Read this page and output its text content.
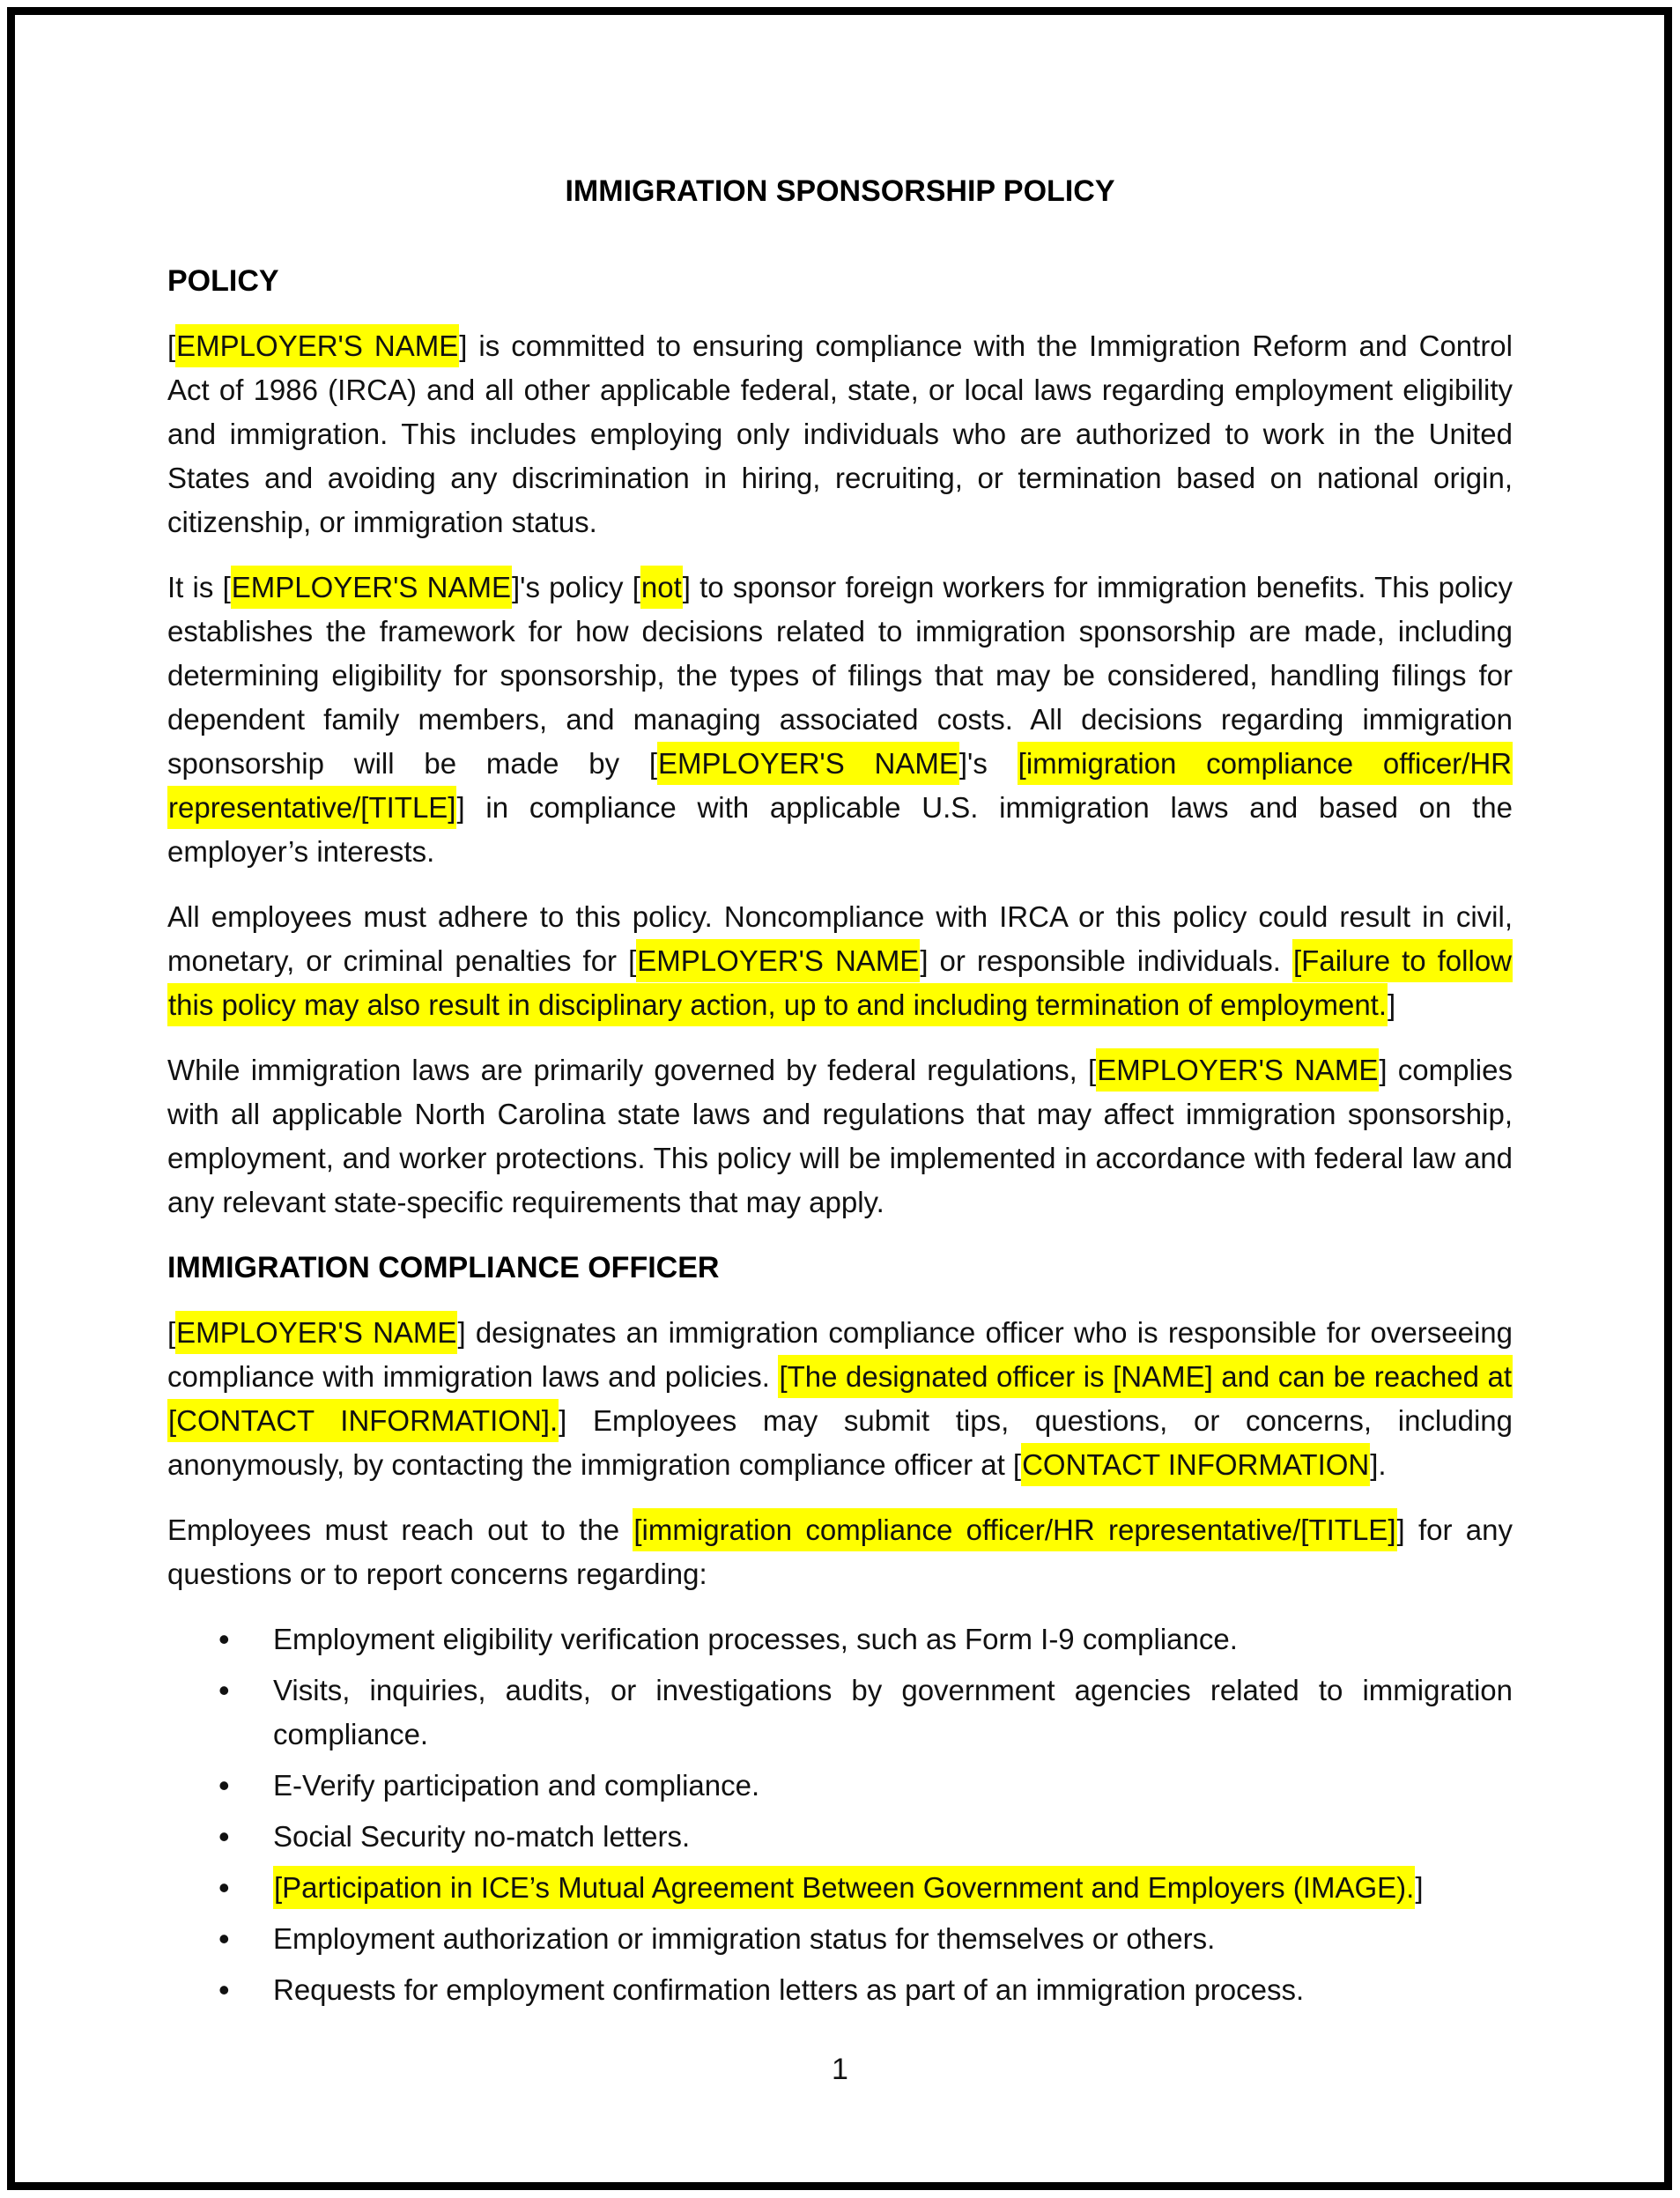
IMMIGRATION SPONSORSHIP POLICY
POLICY

[EMPLOYER'S NAME] is committed to ensuring compliance with the Immigration Reform and Control Act of 1986 (IRCA) and all other applicable federal, state, or local laws regarding employment eligibility and immigration. This includes employing only individuals who are authorized to work in the United States and avoiding any discrimination in hiring, recruiting, or termination based on national origin, citizenship, or immigration status.

It is [EMPLOYER'S NAME]'s policy [not] to sponsor foreign workers for immigration benefits. This policy establishes the framework for how decisions related to immigration sponsorship are made, including determining eligibility for sponsorship, the types of filings that may be considered, handling filings for dependent family members, and managing associated costs. All decisions regarding immigration sponsorship will be made by [EMPLOYER'S NAME]'s [immigration compliance officer/HR representative/[TITLE]] in compliance with applicable U.S. immigration laws and based on the employer’s interests.

All employees must adhere to this policy. Noncompliance with IRCA or this policy could result in civil, monetary, or criminal penalties for [EMPLOYER'S NAME] or responsible individuals. [Failure to follow this policy may also result in disciplinary action, up to and including termination of employment.]

While immigration laws are primarily governed by federal regulations, [EMPLOYER'S NAME] complies with all applicable North Carolina state laws and regulations that may affect immigration sponsorship, employment, and worker protections. This policy will be implemented in accordance with federal law and any relevant state-specific requirements that may apply.

IMMIGRATION COMPLIANCE OFFICER

[EMPLOYER'S NAME] designates an immigration compliance officer who is responsible for overseeing compliance with immigration laws and policies. [The designated officer is [NAME] and can be reached at [CONTACT INFORMATION].] Employees may submit tips, questions, or concerns, including anonymously, by contacting the immigration compliance officer at [CONTACT INFORMATION].

Employees must reach out to the [immigration compliance officer/HR representative/[TITLE]] for any questions or to report concerns regarding:

• Employment eligibility verification processes, such as Form I-9 compliance.
• Visits, inquiries, audits, or investigations by government agencies related to immigration compliance.
• E-Verify participation and compliance.
• Social Security no-match letters.
• [Participation in ICE’s Mutual Agreement Between Government and Employers (IMAGE).]
• Employment authorization or immigration status for themselves or others.
• Requests for employment confirmation letters as part of an immigration process.
1
